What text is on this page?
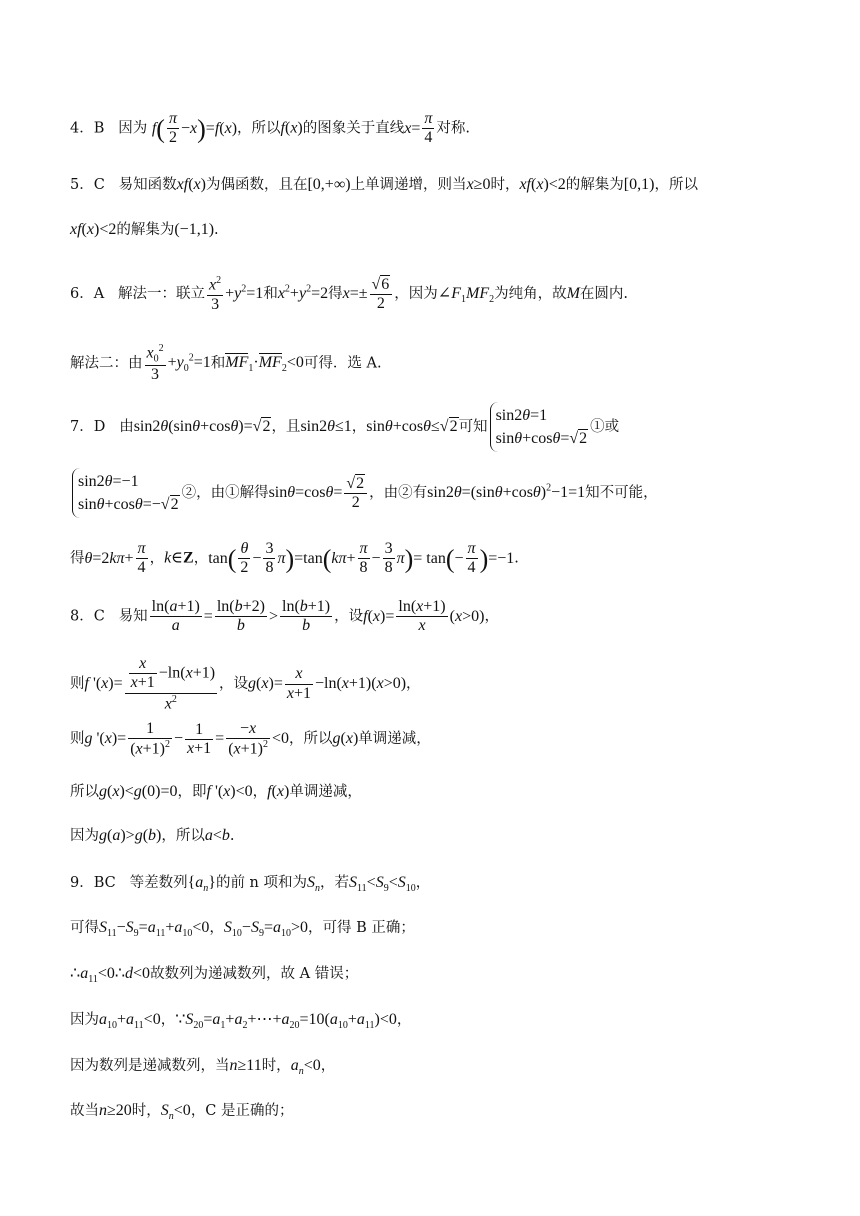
4．B 因为 $f( \frac{\pi}{2} -x)=f(x)$，所以f(x)的图象关于直线$x= \frac{\pi}{4}$ 对称.
5．C 易知函数xf(x)为偶函数，且在[0,+∞)上单调递增，则当x≥0时，xf(x)<2的解集为[0,1)，所以
xf(x)<2的解集为(−1,1).
6．A 解法一：联立 $\frac{x^2}{3} +y^2=1$和$x^2+y^2=2$得$x=\pm \frac{√6}{2}$ ，因为$\angle F_1MF_2$为纯角，故M在圆内.
解法二：由 $\frac{x_0^2}{3} +y_0^2=1$和$MF_1\cdot MF_2<0$可得．选 A.
7．D 由sin2θ(sinθ+cosθ)=√2，且sin2θ≤1，sinθ+cosθ≤√2可知
sin2θ=1
sinθ+cosθ=√2
①或
sin2θ=−1
sinθ+cosθ=−√2
②，由①解得$\sin\theta=\cos\theta= \frac{√2}{2}$ ，由②有$\sin 2\theta=(\sin\theta+\cos\theta)^2-1=1$知不可能，
得$\theta=2k\pi+ \frac{\pi}{4}$ ，k∈Z，$\tan( \frac{\theta}{2} - \frac{3}{8} \pi)=\tan(k\pi+ \frac{\pi}{8} - \frac{3}{8} \pi)= \tan(- \frac{\pi}{4} )=-1$.
8．C 易知 $\frac{\ln(a+1)}{a} = \frac{\ln(b+2)}{b} > \frac{\ln(b+1)}{b}$ ，设$f(x)= \frac{\ln(x+1)}{x} (x>0)$，
则f '$(x)= \frac{\frac{x}{x+1} -\ln(x+1)}{x^2}$ ，设$g(x)= \frac{x}{x+1} -\ln(x+1)(x>0)$，
则g '$(x)= \frac{1}{(x+1)^2} - \frac{1}{x+1} = \frac{-x}{(x+1)^2} <0$，所以g(x)单调递减，
所以g(x)<g(0)=0，即f '(x)<0，f(x)单调递减，
因为g(a)>g(b)，所以a<b.
9．BC 等差数列$\{a_n\}$的前 n 项和为$S_n$，若$S_{11}<S_9<S_{10}$，
可得$S_{11}-S_9=a_{11}+a_{10}<0$，$S_{10}-S_9=a_{10}>0$，可得 B 正确；
$\therefore a_{11}<0\therefore d<0$故数列为递减数列，故 A 错误；
因为$a_{10}+a_{11}<0$，$\because S_{20}=a_1+a_2+\cdots+a_{20}=10(a_{10}+a_{11})<0$，
因为数列是递减数列，当n≥11时，$a_n<0$，
故当n≥20时，$S_n<0$，C 是正确的；
